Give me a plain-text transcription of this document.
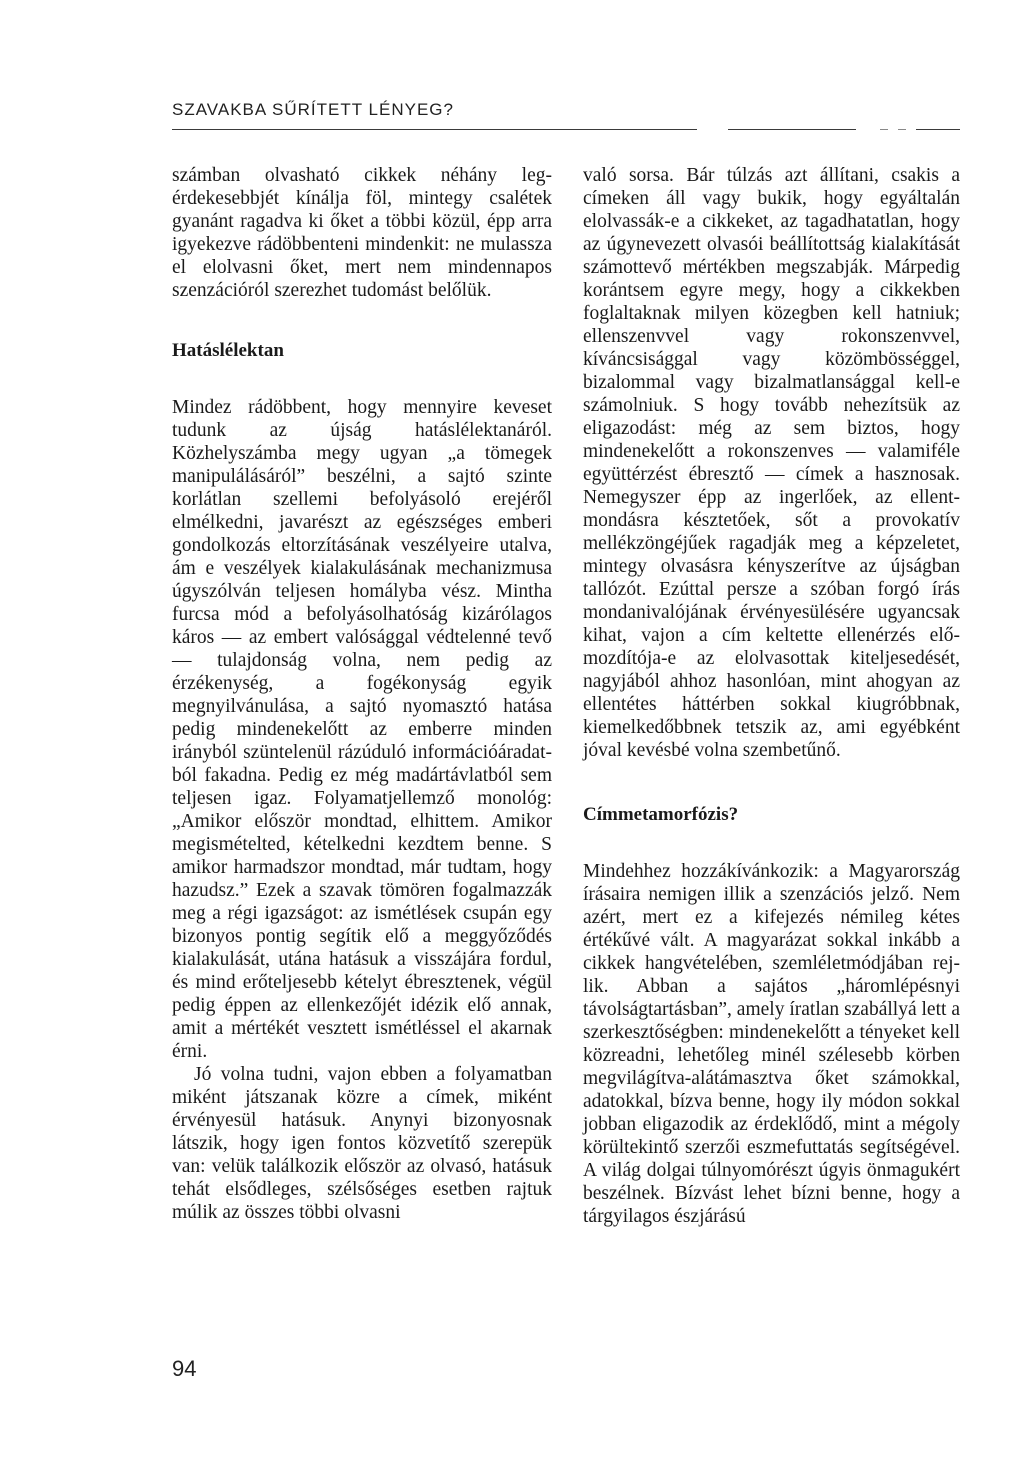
SZAVAKBA SŰRÍTETT LÉNYEG?

számban olvasható cikkek néhány legérdekesebbjét kínálja föl, mintegy csalétek gyanánt ragadva ki őket a többi közül, épp arra igyekezve rádöbbenteni mindenkit: ne mulassza el elolvasni őket, mert nem mindennapos szenzációról szerezhet tudomást belőlük.

Hatáslélektan

Mindez rádöbbent, hogy mennyire keveset tudunk az újság hatáslélektanáról. Közhelyszámba megy ugyan „a tömegek manipulálásáról” beszélni, a sajtó szinte korlátlan szellemi befolyásoló erejéről elmélkedni, javarészt az egészséges emberi gondolkozás eltorzításának veszélyeire utalva, ám e veszélyek kialakulásának mechanizmusa úgyszólván teljesen homályba vész. Mintha furcsa mód a befolyásolhatóság kizárólagos káros — az embert valósággal védtelenné tevő — tulajdonság volna, nem pedig az érzékenység, a fogékonyság egyik megnyilvánulása, a sajtó nyomasztó hatása pedig mindenekelőtt az emberre minden irányból szüntelenül rázúduló információáradatból fakadna. Pedig ez még madártávlatból sem teljesen igaz. Folyamatjellemző monológ: „Amikor először mondtad, elhittem. Amikor megismételted, kételkedni kezdtem benne. S amikor harmadszor mondtad, már tudtam, hogy hazudsz.” Ezek a szavak tömören fogalmazzák meg a régi igazságot: az ismétlések csupán egy bizonyos pontig segítik elő a meggyőződés kialakulását, utána hatásuk a visszájára fordul, és mind erőteljesebb kételyt ébresztenek, végül pedig éppen az ellenkezőjét idézik elő annak, amit a mértékét vesztett ismétléssel el akarnak érni.

Jó volna tudni, vajon ebben a folyamatban miként játszanak közre a címek, miként érvényesül hatásuk. Anynyi bizonyosnak látszik, hogy igen fontos közvetítő szerepük van: velük találkozik először az olvasó, hatásuk tehát elsődleges, szélsőséges esetben rajtuk múlik az összes többi olvasni

való sorsa. Bár túlzás azt állítani, csakis a címeken áll vagy bukik, hogy egyáltalán elolvassák-e a cikkeket, az tagadhatatlan, hogy az úgynevezett olvasói beállítottság kialakítását számottevő mértékben megszabják. Márpedig korántsem egyre megy, hogy a cikkekben foglaltaknak milyen közegben kell hatniuk; ellenszenvvel vagy rokonszenvvel, kíváncsisággal vagy közömbösséggel, bizalommal vagy bizalmatlansággal kell-e számolniuk. S hogy tovább nehezítsük az eligazodást: még az sem biztos, hogy mindenekelőtt a rokonszenves — valamiféle együttérzést ébresztő — címek a hasznosak. Nemegyszer épp az ingerlőek, az ellentmondásra késztetőek, sőt a provokatív mellékzöngéjűek ragadják meg a képzeletet, mintegy olvasásra kényszerítve az újságban tallózót. Ezúttal persze a szóban forgó írás mondanivalójának érvényesülésére ugyancsak kihat, vajon a cím keltette ellenérzés előmozdítója-e az elolvasottak kiteljesedését, nagyjából ahhoz hasonlóan, mint ahogyan az ellentétes háttérben sokkal kiugróbbnak, kiemelkedőbbnek tetszik az, ami egyébként jóval kevésbé volna szembetűnő.

Címmetamorfózis?

Mindehhez hozzákívánkozik: a Magyarország írásaira nemigen illik a szenzációs jelző. Nem azért, mert ez a kifejezés némileg kétes értékűvé vált. A magyarázat sokkal inkább a cikkek hangvételében, szemléletmódjában rejlik. Abban a sajátos „háromlépésnyi távolságtartásban”, amely íratlan szabállyá lett a szerkesztőségben: mindenekelőtt a tényeket kell közreadni, lehetőleg minél szélesebb körben megvilágítva-alátámasztva őket számokkal, adatokkal, bízva benne, hogy ily módon sokkal jobban eligazodik az érdeklődő, mint a mégoly körültekintő szerzői eszmefuttatás segítségével. A világ dolgai túlnyomórészt úgyis önmagukért beszélnek. Bízvást lehet bízni benne, hogy a tárgyilagos észjárású

94
